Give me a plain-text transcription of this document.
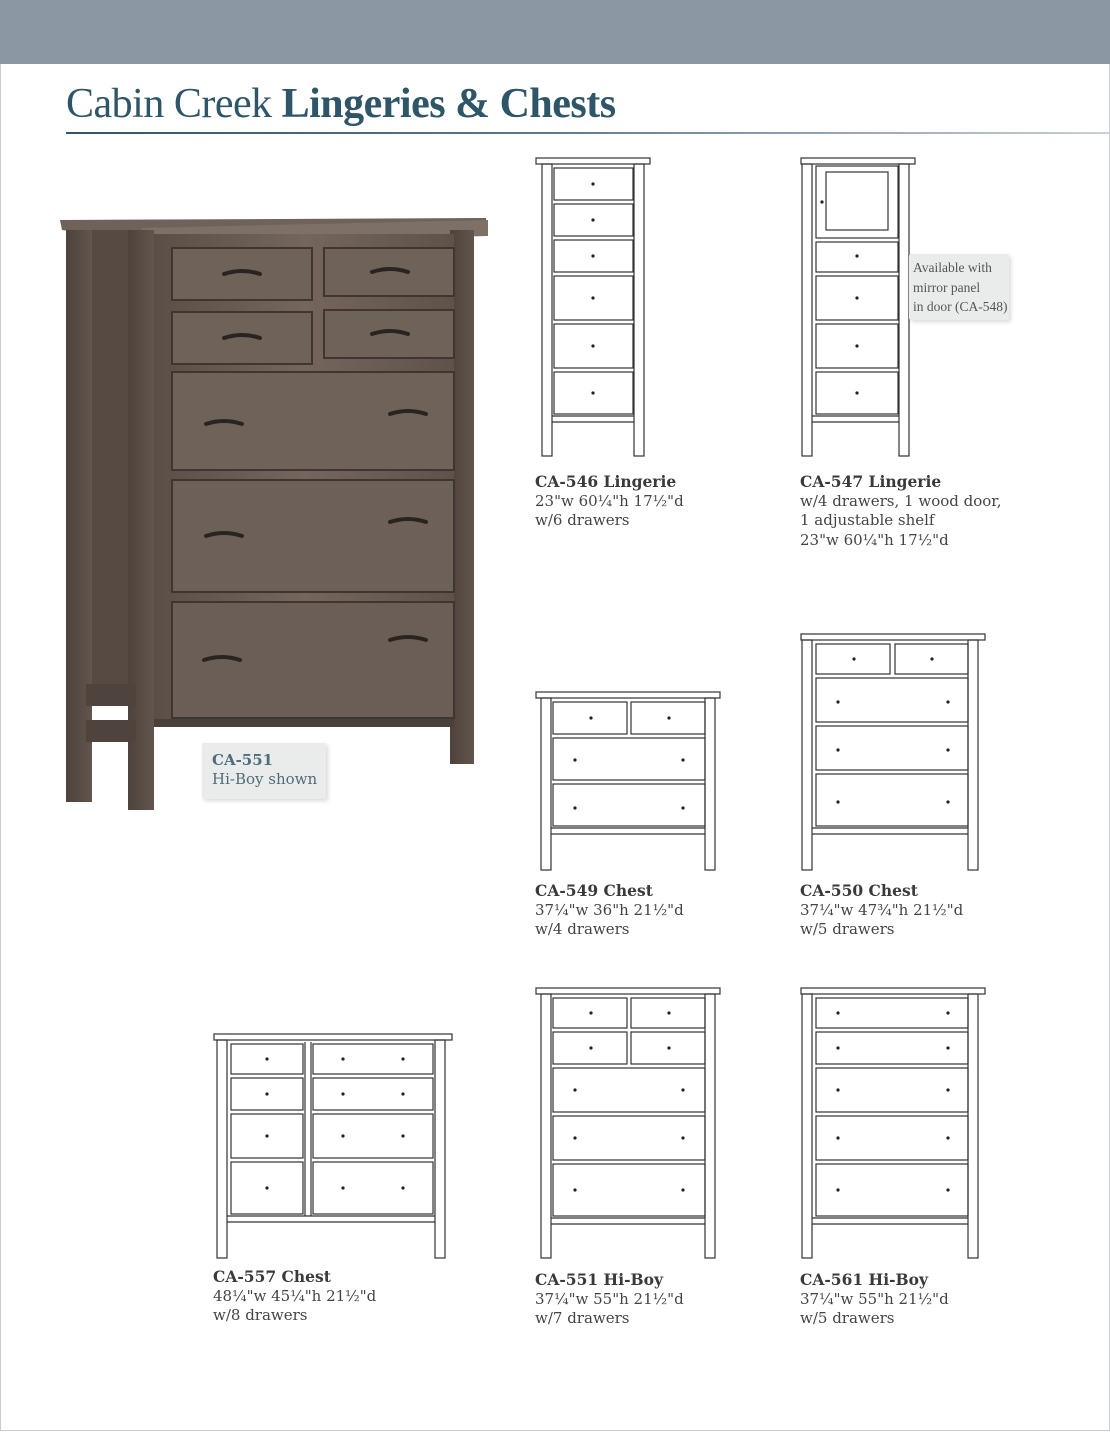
Cabin Creek Lingeries & Chests
CA-551
Hi-Boy shown
Available with
mirror panel
in door (CA-548)
CA-546 Lingerie
23"w 60¼"h 17½"d
w/6 drawers
CA-547 Lingerie
w/4 drawers, 1 wood door,
1 adjustable shelf
23"w 60¼"h 17½"d
CA-549 Chest
37¼"w 36"h 21½"d
w/4 drawers
CA-550 Chest
37¼"w 47¾"h 21½"d
w/5 drawers
CA-557 Chest
48¼"w 45¼"h 21½"d
w/8 drawers
CA-551 Hi-Boy
37¼"w 55"h 21½"d
w/7 drawers
CA-561 Hi-Boy
37¼"w 55"h 21½"d
w/5 drawers
